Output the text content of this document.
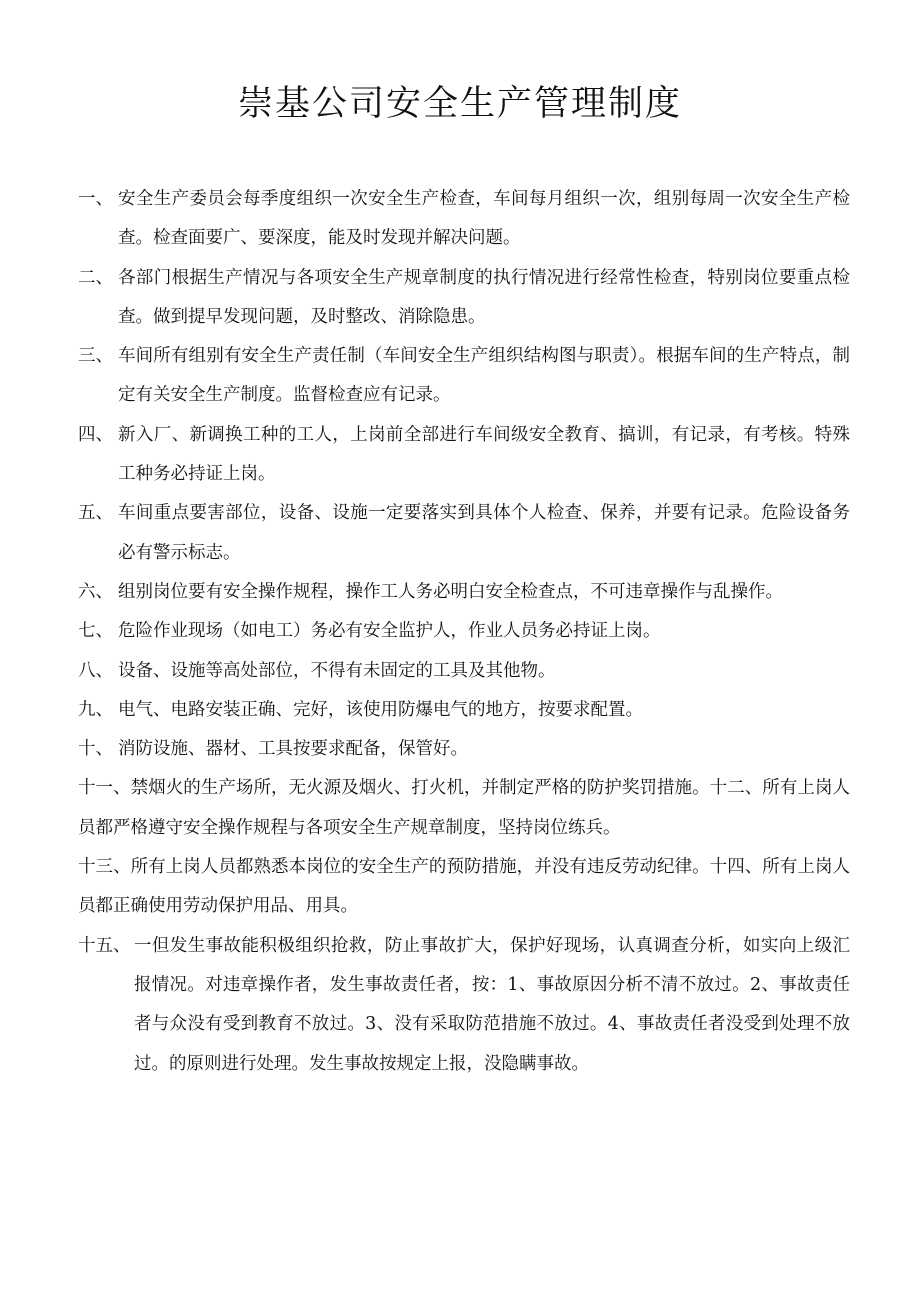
崇基公司安全生产管理制度
一、 安全生产委员会每季度组织一次安全生产检查，车间每月组织一次，组别每周一次安全生产检查。检查面要广、要深度，能及时发现并解决问题。
二、 各部门根据生产情况与各项安全生产规章制度的执行情况进行经常性检查，特别岗位要重点检查。做到提早发现问题，及时整改、消除隐患。
三、 车间所有组别有安全生产责任制（车间安全生产组织结构图与职责）。根据车间的生产特点，制定有关安全生产制度。监督检查应有记录。
四、 新入厂、新调换工种的工人，上岗前全部进行车间级安全教育、搞训，有记录，有考核。特殊工种务必持证上岗。
五、 车间重点要害部位，设备、设施一定要落实到具体个人检查、保养，并要有记录。危险设备务必有警示标志。
六、 组别岗位要有安全操作规程，操作工人务必明白安全检查点，不可违章操作与乱操作。
七、 危险作业现场（如电工）务必有安全监护人，作业人员务必持证上岗。
八、 设备、设施等高处部位，不得有未固定的工具及其他物。
九、 电气、电路安装正确、完好，该使用防爆电气的地方，按要求配置。
十、 消防设施、器材、工具按要求配备，保管好。
十一、禁烟火的生产场所，无火源及烟火、打火机，并制定严格的防护奖罚措施。十二、所有上岗人员都严格遵守安全操作规程与各项安全生产规章制度，坚持岗位练兵。
十三、所有上岗人员都熟悉本岗位的安全生产的预防措施，并没有违反劳动纪律。十四、所有上岗人员都正确使用劳动保护用品、用具。
十五、 一但发生事故能积极组织抢救，防止事故扩大，保护好现场，认真调查分析，如实向上级汇报情况。对违章操作者，发生事故责任者，按：1、事故原因分析不清不放过。2、事故责任者与众没有受到教育不放过。3、没有采取防范措施不放过。4、事故责任者没受到处理不放过。的原则进行处理。发生事故按规定上报，没隐瞒事故。
